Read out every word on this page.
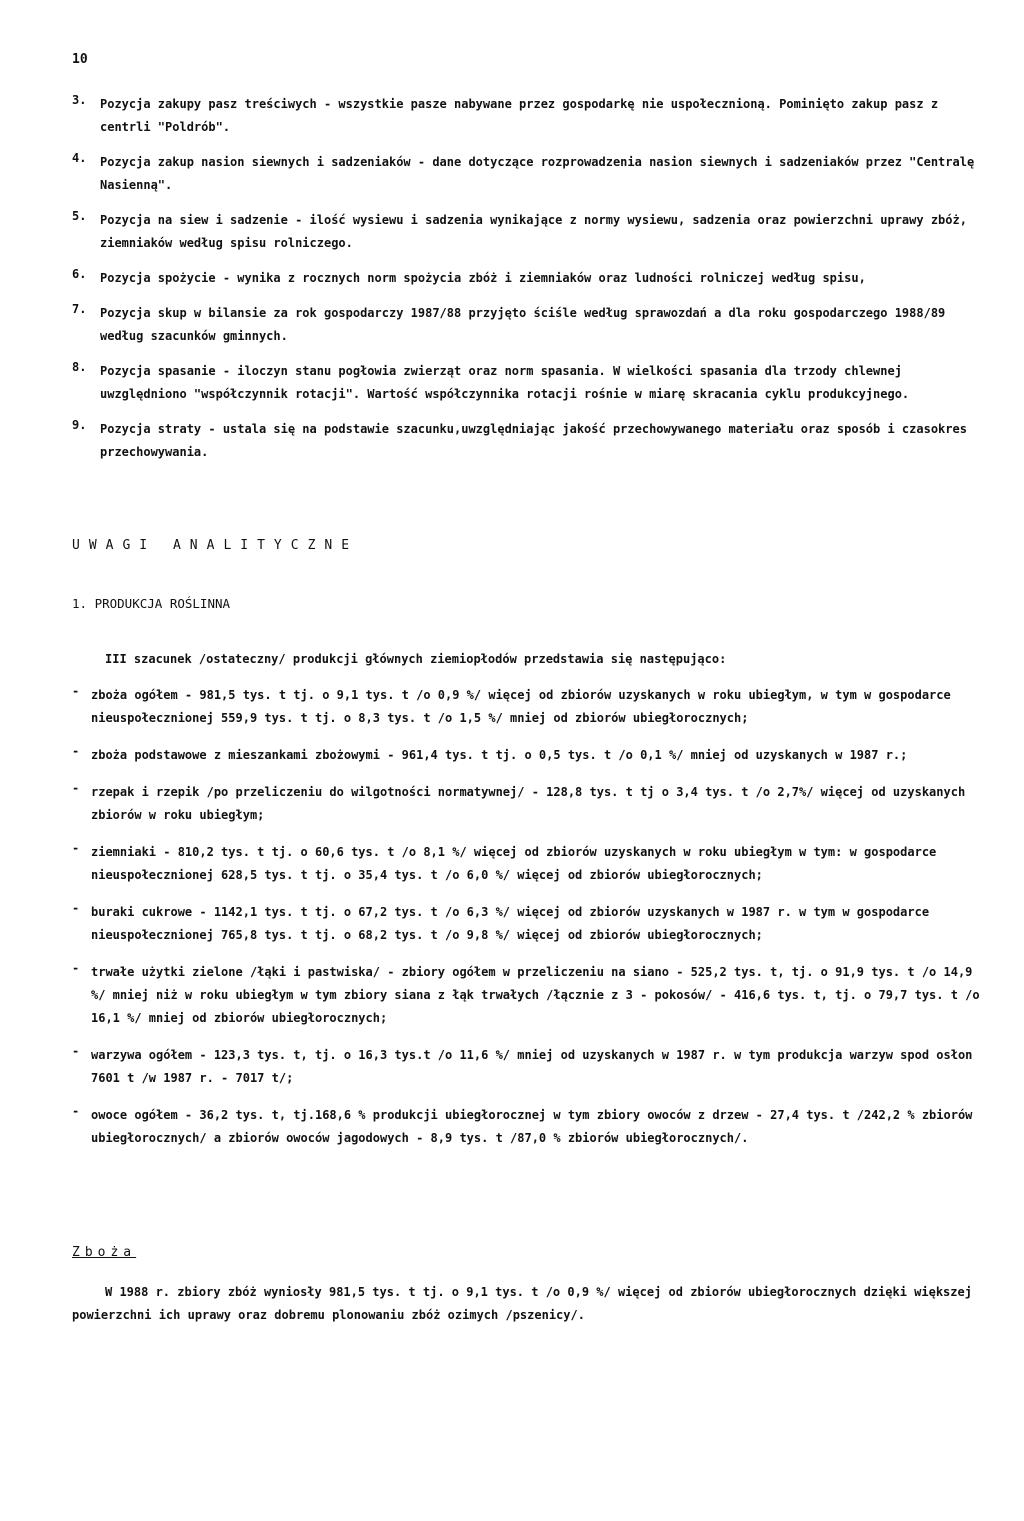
10
3.	Pozycja zakupy pasz treściwych - wszystkie pasze nabywane przez gospodarkę nie uspołecznioną. Pominięto zakup pasz z centrli "Poldrób".
4.	Pozycja zakup nasion siewnych i sadzeniaków - dane dotyczące rozprowadzenia nasion siewnych i sadzeniaków przez "Centralę Nasienną".
5.	Pozycja na siew i sadzenie - ilość wysiewu i sadzenia wynikające z normy wysiewu, sadzenia oraz powierzchni uprawy zbóż, ziemniaków według spisu rolniczego.
6.	Pozycja spożycie - wynika z rocznych norm spożycia zbóż i ziemniaków oraz ludności rolniczej według spisu,
7.	Pozycja skup w bilansie za rok gospodarczy 1987/88 przyjęto ściśle według sprawozdań a dla roku gospodarczego 1988/89 według szacunków gminnych.
8.	Pozycja spasanie - iloczyn stanu pogłowia zwierząt oraz norm spasania. W wielkości spasania dla trzody chlewnej uwzględniono "współczynnik rotacji". Wartość współczynnika rotacji rośnie w miarę skracania cyklu produkcyjnego.
9.	Pozycja straty - ustala się na podstawie szacunku,uwzględniając jakość przechowywanego materiału oraz sposób i czasokres przechowywania.
UWAGI ANALITYCZNE
1. PRODUKCJA ROŚLINNA
III szacunek /ostateczny/ produkcji głównych ziemiopłodów przedstawia się następująco:
- zboża ogółem - 981,5 tys. t tj. o 9,1 tys. t /o 0,9 %/ więcej od zbiorów uzyskanych w roku ubiegłym, w tym w gospodarce nieuspołecznionej 559,9 tys. t tj. o 8,3 tys. t /o 1,5 %/ mniej od zbiorów ubiegłorocznych;
- zboża podstawowe z mieszankami zbożowymi - 961,4 tys. t tj. o 0,5 tys. t /o 0,1 %/ mniej od uzyskanych w 1987 r.;
- rzepak i rzepik /po przeliczeniu do wilgotności normatywnej/ - 128,8 tys. t tj o 3,4 tys. t /o 2,7%/ więcej od uzyskanych zbiorów w roku ubiegłym;
- ziemniaki - 810,2 tys. t tj. o 60,6 tys. t /o 8,1 %/ więcej od zbiorów uzyskanych w roku ubiegłym w tym: w gospodarce nieuspołecznionej 628,5 tys. t tj. o 35,4 tys. t /o 6,0 %/ więcej od zbiorów ubiegłorocznych;
- buraki cukrowe - 1142,1 tys. t tj. o 67,2 tys. t /o 6,3 %/ więcej od zbiorów uzyskanych w 1987 r. w tym w gospodarce nieuspołecznionej 765,8 tys. t tj. o 68,2 tys. t /o 9,8 %/ więcej od zbiorów ubiegłorocznych;
- trwałe użytki zielone /łąki i pastwiska/ - zbiory ogółem w przeliczeniu na siano - 525,2 tys. t, tj. o 91,9 tys. t /o 14,9 %/ mniej niż w roku ubiegłym w tym zbiory siana z łąk trwałych /łącznie z 3 - pokosów/ - 416,6 tys. t, tj. o 79,7 tys. t /o 16,1 %/ mniej od zbiorów ubiegłorocznych;
- warzywa ogółem - 123,3 tys. t, tj. o 16,3 tys.t /o 11,6 %/ mniej od uzyskanych w 1987 r. w tym produkcja warzyw spod osłon 7601 t /w 1987 r. - 7017 t/;
- owoce ogółem - 36,2 tys. t, tj.168,6 % produkcji ubiegłorocznej w tym zbiory owoców z drzew - 27,4 tys. t /242,2 % zbiorów ubiegłorocznych/ a zbiorów owoców jagodowych - 8,9 tys. t /87,0 % zbiorów ubiegłorocznych/.
Zboża
W 1988 r. zbiory zbóż wyniosły 981,5 tys. t tj. o 9,1 tys. t /o 0,9 %/ więcej od zbiorów ubiegłorocznych dzięki większej powierzchni ich uprawy oraz dobremu plonowaniu zbóż ozimych /pszenicy/.
